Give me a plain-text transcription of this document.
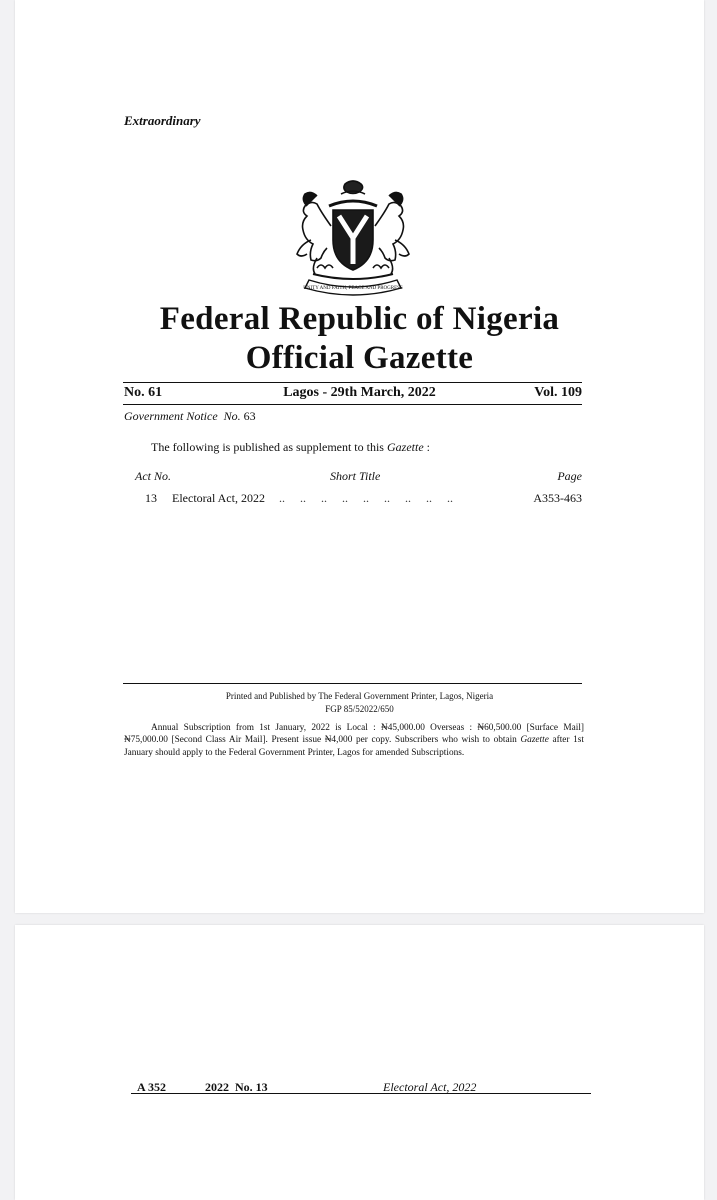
Extraordinary

UNITY AND FAITH, PEACE AND PROGRESS
Federal Republic of Nigeria
Official Gazette
No. 61	Lagos - 29th March, 2022	Vol. 109

Government Notice No. 63

The following is published as supplement to this Gazette :

Act No.	Short Title	Page
13 Electoral Act, 2022 ..     ..     ..     ..     ..     ..     ..     ..     ..	A353-463

Printed and Published by The Federal Government Printer, Lagos, Nigeria

FGP 85/52022/650

Annual Subscription from 1st January, 2022 is Local : ₦45,000.00 Overseas : ₦60,500.00 [Surface Mail] ₦75,000.00 [Second Class Air Mail]. Present issue ₦4,000 per copy. Subscribers who wish to obtain Gazette after 1st January should apply to the Federal Government Printer, Lagos for amended Subscriptions.

A 352	2022  No. 13	Electoral Act, 2022
